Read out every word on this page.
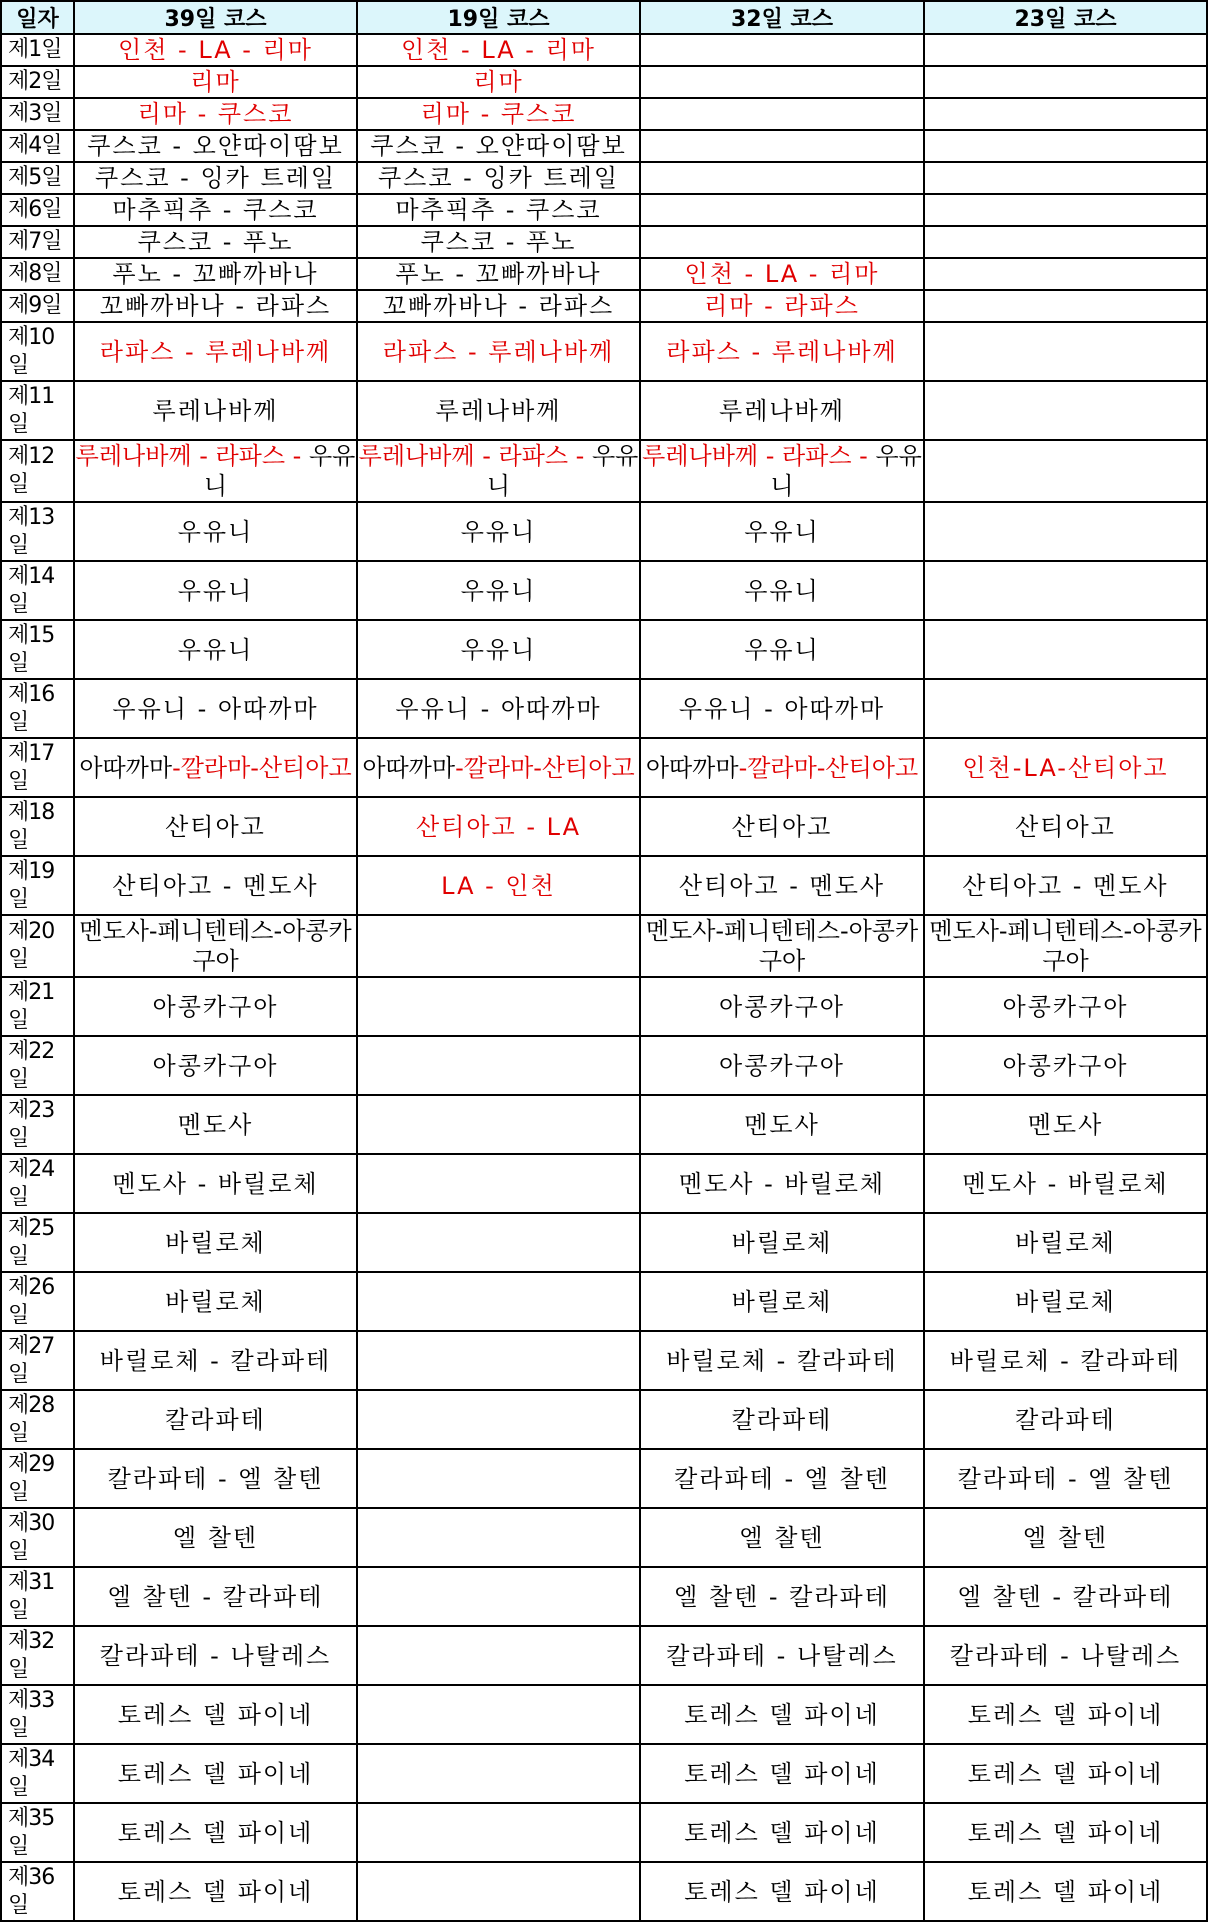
일자	39일 코스	19일 코스	32일 코스	23일 코스
제1일	인천 - LA - 리마	인천 - LA - 리마		
제2일	리마	리마		
제3일	리마 - 쿠스코	리마 - 쿠스코		
제4일	쿠스코 - 오얀따이땀보	쿠스코 - 오얀따이땀보		
제5일	쿠스코 - 잉카 트레일	쿠스코 - 잉카 트레일		
제6일	마추픽추 - 쿠스코	마추픽추 - 쿠스코		
제7일	쿠스코 - 푸노	쿠스코 - 푸노		
제8일	푸노 - 꼬빠까바나	푸노 - 꼬빠까바나	인천 - LA - 리마	
제9일	꼬빠까바나 - 라파스	꼬빠까바나 - 라파스	리마 - 라파스	
제10일	라파스 - 루레나바께	라파스 - 루레나바께	라파스 - 루레나바께	
제11일	루레나바께	루레나바께	루레나바께	
제12일	루레나바께 - 라파스 - 우유니	루레나바께 - 라파스 - 우유니	루레나바께 - 라파스 - 우유니	
제13일	우유니	우유니	우유니	
제14일	우유니	우유니	우유니	
제15일	우유니	우유니	우유니	
제16일	우유니 - 아따까마	우유니 - 아따까마	우유니 - 아따까마	
제17일	아따까마-깔라마-산티아고	아따까마-깔라마-산티아고	아따까마-깔라마-산티아고	인천-LA-산티아고
제18일	산티아고	산티아고 - LA	산티아고	산티아고
제19일	산티아고 - 멘도사	LA - 인천	산티아고 - 멘도사	산티아고 - 멘도사
제20일	멘도사-페니텐테스-아콩카구아		멘도사-페니텐테스-아콩카구아	멘도사-페니텐테스-아콩카구아
제21일	아콩카구아		아콩카구아	아콩카구아
제22일	아콩카구아		아콩카구아	아콩카구아
제23일	멘도사		멘도사	멘도사
제24일	멘도사 - 바릴로체		멘도사 - 바릴로체	멘도사 - 바릴로체
제25일	바릴로체		바릴로체	바릴로체
제26일	바릴로체		바릴로체	바릴로체
제27일	바릴로체 - 칼라파테		바릴로체 - 칼라파테	바릴로체 - 칼라파테
제28일	칼라파테		칼라파테	칼라파테
제29일	칼라파테 - 엘 찰텐		칼라파테 - 엘 찰텐	칼라파테 - 엘 찰텐
제30일	엘 찰텐		엘 찰텐	엘 찰텐
제31일	엘 찰텐 - 칼라파테		엘 찰텐 - 칼라파테	엘 찰텐 - 칼라파테
제32일	칼라파테 - 나탈레스		칼라파테 - 나탈레스	칼라파테 - 나탈레스
제33일	토레스 델 파이네		토레스 델 파이네	토레스 델 파이네
제34일	토레스 델 파이네		토레스 델 파이네	토레스 델 파이네
제35일	토레스 델 파이네		토레스 델 파이네	토레스 델 파이네
제36일	토레스 델 파이네		토레스 델 파이네	토레스 델 파이네
